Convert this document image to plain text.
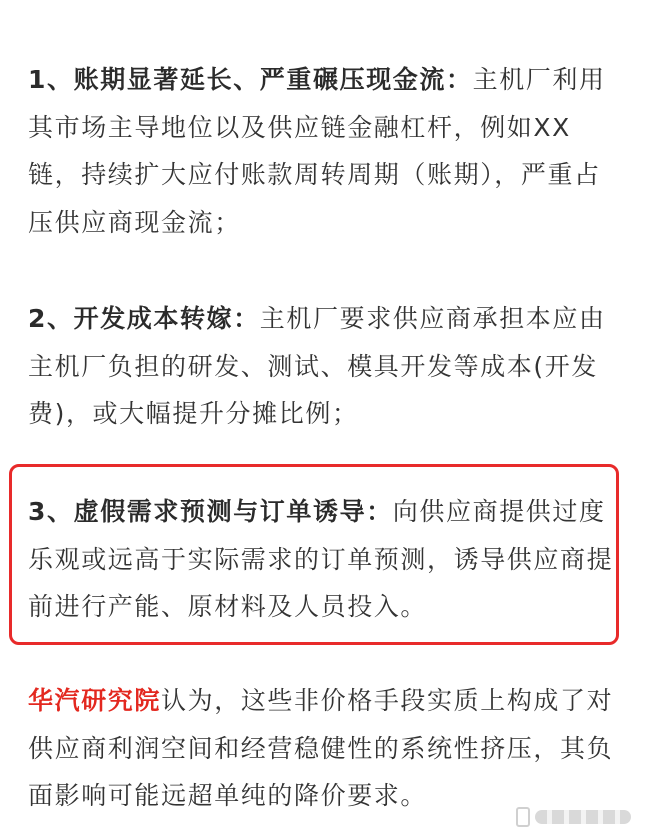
1、账期显著延长、严重碾压现金流：主机厂利用其市场主导地位以及供应链金融杠杆，例如XX链，持续扩大应付账款周转周期（账期），严重占压供应商现金流；

2、开发成本转嫁：主机厂要求供应商承担本应由主机厂负担的研发、测试、模具开发等成本(开发费)，或大幅提升分摊比例；

3、虚假需求预测与订单诱导：向供应商提供过度乐观或远高于实际需求的订单预测，诱导供应商提前进行产能、原材料及人员投入。

华汽研究院认为，这些非价格手段实质上构成了对供应商利润空间和经营稳健性的系统性挤压，其负面影响可能远超单纯的降价要求。
